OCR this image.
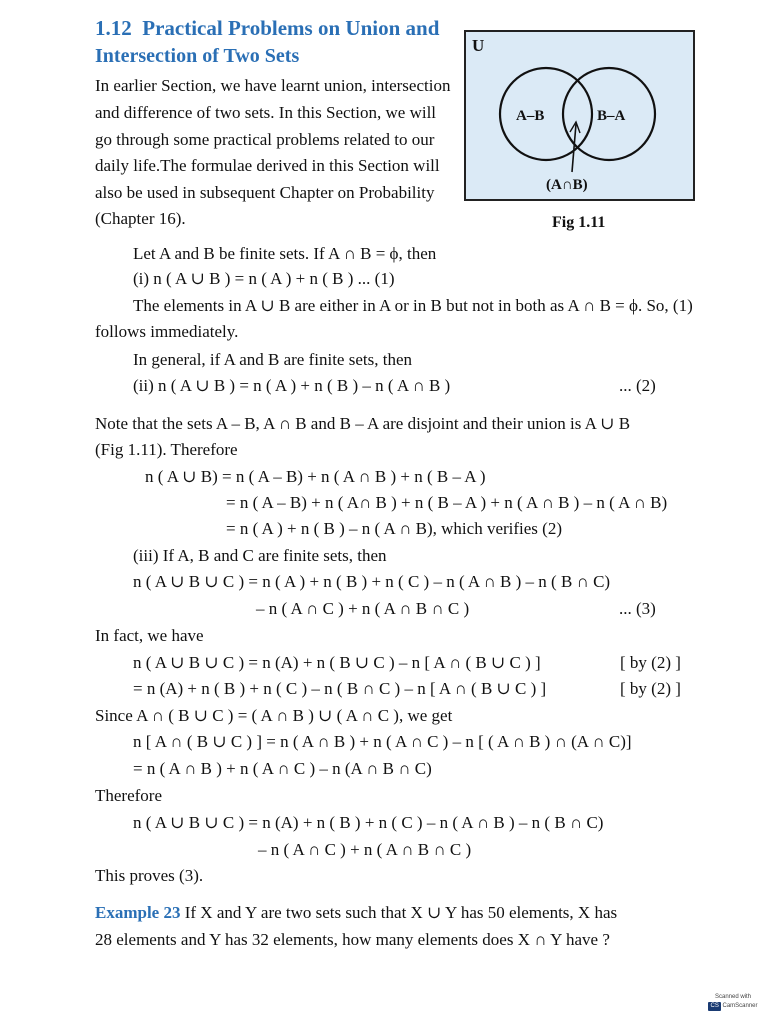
1.12 Practical Problems on Union and
Intersection of Two Sets
In earlier Section, we have learnt union, intersection
and difference of two sets. In this Section, we will
go through some practical problems related to our
daily life.The formulae derived in this Section will
also be used in subsequent Chapter on Probability
(Chapter 16).
U
A–B	B–A
(A∩B)
Fig 1.11
Let A and B be finite sets. If A ∩ B = ϕ, then
(i) n ( A ∪ B ) = n ( A ) + n ( B ) ... (1)
The elements in A ∪ B are either in A or in B but not in both as A ∩ B = ϕ. So, (1)
follows immediately.
In general, if A and B are finite sets, then
(ii) n ( A ∪ B ) = n ( A ) + n ( B ) – n ( A ∩ B )	... (2)
Note that the sets A – B, A ∩ B and B – A are disjoint and their union is A ∪ B
(Fig 1.11). Therefore
n ( A ∪ B) = n ( A – B) + n ( A ∩ B ) + n ( B – A )
= n ( A – B) + n ( A∩ B ) + n ( B – A ) + n ( A ∩ B ) – n ( A ∩ B)
= n ( A ) + n ( B ) – n ( A ∩ B), which verifies (2)
(iii) If A, B and C are finite sets, then
n ( A ∪ B ∪ C ) = n ( A ) + n ( B ) + n ( C ) – n ( A ∩ B ) – n ( B ∩ C)
– n ( A ∩ C ) + n ( A ∩ B ∩ C )	... (3)
In fact, we have
n ( A ∪ B ∪ C ) = n (A) + n ( B ∪ C ) – n [ A ∩ ( B ∪ C ) ]	[ by (2) ]
= n (A) + n ( B ) + n ( C ) – n ( B ∩ C ) – n [ A ∩ ( B ∪ C ) ]	[ by (2) ]
Since A ∩ ( B ∪ C ) = ( A ∩ B ) ∪ ( A ∩ C ), we get
n [ A ∩ ( B ∪ C ) ] = n ( A ∩ B ) + n ( A ∩ C ) – n [ ( A ∩ B ) ∩ (A ∩ C)]
= n ( A ∩ B ) + n ( A ∩ C ) – n (A ∩ B ∩ C)
Therefore
n ( A ∪ B ∪ C ) = n (A) + n ( B ) + n ( C ) – n ( A ∩ B ) – n ( B ∩ C)
– n ( A ∩ C ) + n ( A ∩ B ∩ C )
This proves (3).
Example 23 If X and Y are two sets such that X ∪ Y has 50 elements, X has
28 elements and Y has 32 elements, how many elements does X ∩ Y have ?
Scanned with
CS CamScanner
